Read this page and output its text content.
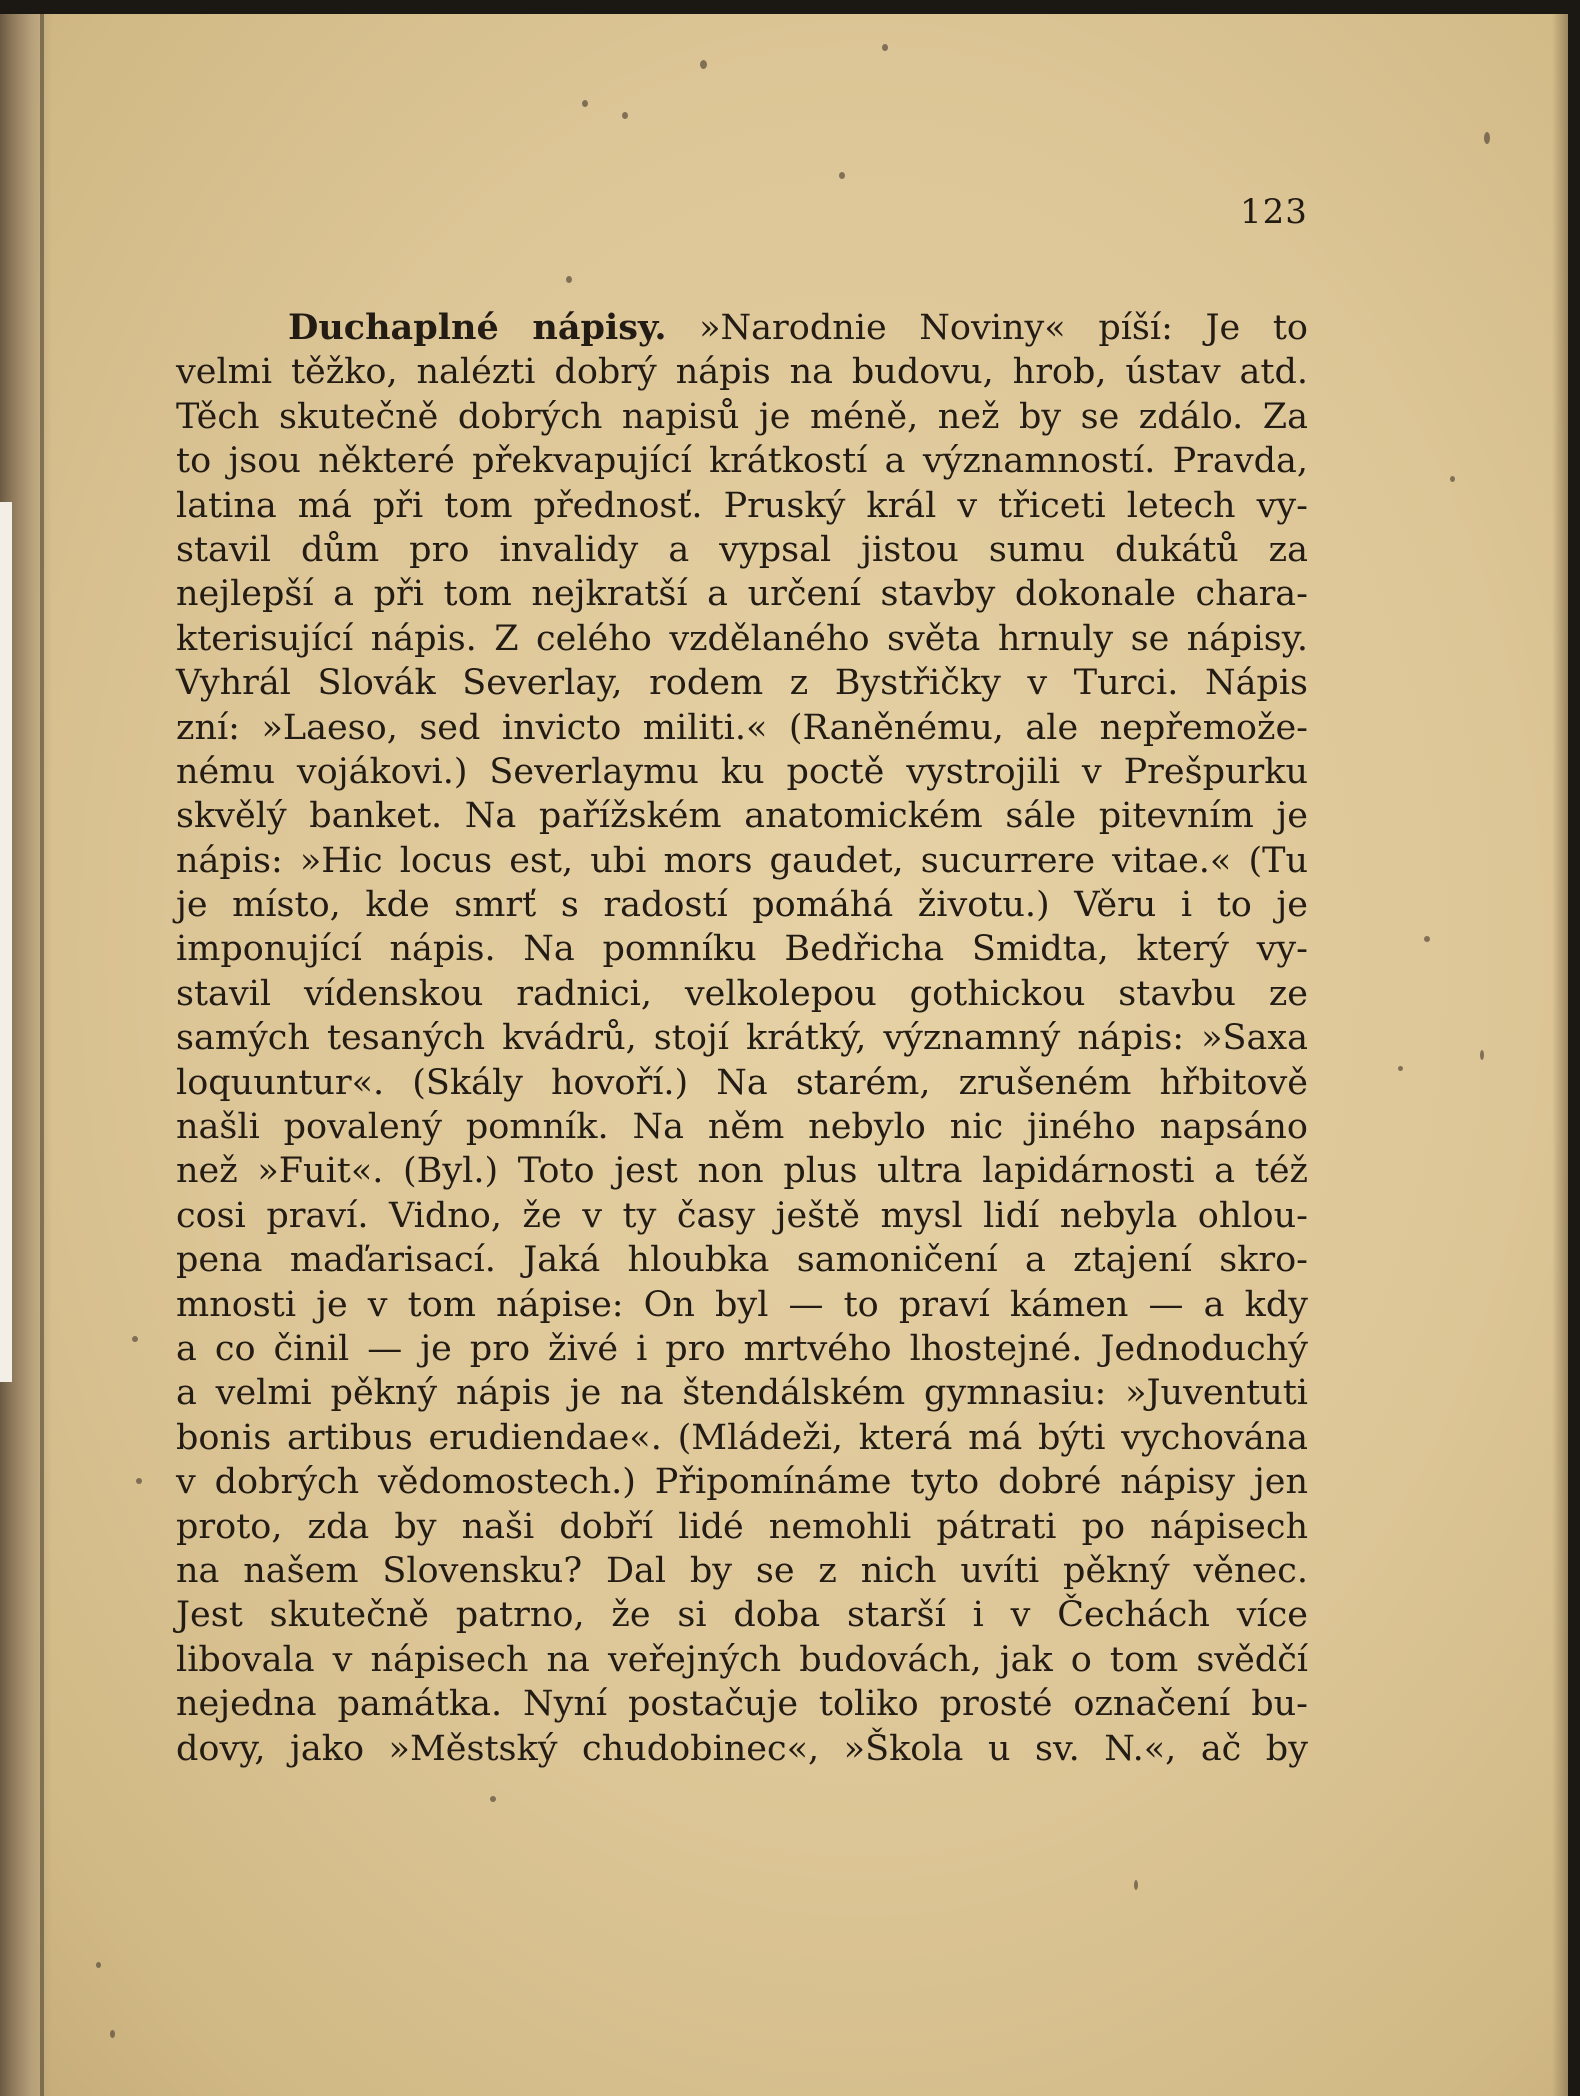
123
Duchaplné nápisy. »Narodnie Noviny« píší: Je to
velmi těžko, nalézti dobrý nápis na budovu, hrob, ústav atd.
Těch skutečně dobrých napisů je méně, než by se zdálo. Za
to jsou některé překvapující krátkostí a významností. Pravda,
latina má při tom přednosť. Pruský král v třiceti letech vy-
stavil dům pro invalidy a vypsal jistou sumu dukátů za
nejlepší a při tom nejkratší a určení stavby dokonale chara-
kterisující nápis. Z celého vzdělaného světa hrnuly se nápisy.
Vyhrál Slovák Severlay, rodem z Bystřičky v Turci. Nápis
zní: »Laeso, sed invicto militi.« (Raněnému, ale nepřemože-
nému vojákovi.) Severlaymu ku poctě vystrojili v Prešpurku
skvělý banket. Na pařížském anatomickém sále pitevním je
nápis: »Hic locus est, ubi mors gaudet, sucurrere vitae.« (Tu
je místo, kde smrť s radostí pomáhá životu.) Věru i to je
imponující nápis. Na pomníku Bedřicha Smidta, který vy-
stavil vídenskou radnici, velkolepou gothickou stavbu ze
samých tesaných kvádrů, stojí krátký, významný nápis: »Saxa
loquuntur«. (Skály hovoří.) Na starém, zrušeném hřbitově
našli povalený pomník. Na něm nebylo nic jiného napsáno
než »Fuit«. (Byl.) Toto jest non plus ultra lapidárnosti a též
cosi praví. Vidno, že v ty časy ještě mysl lidí nebyla ohlou-
pena maďarisací. Jaká hloubka samoničení a ztajení skro-
mnosti je v tom nápise: On byl — to praví kámen — a kdy
a co činil — je pro živé i pro mrtvého lhostejné. Jednoduchý
a velmi pěkný nápis je na štendálském gymnasiu: »Juventuti
bonis artibus erudiendae«. (Mládeži, která má býti vychována
v dobrých vědomostech.) Připomínáme tyto dobré nápisy jen
proto, zda by naši dobří lidé nemohli pátrati po nápisech
na našem Slovensku? Dal by se z nich uvíti pěkný věnec.
Jest skutečně patrno, že si doba starší i v Čechách více
libovala v nápisech na veřejných budovách, jak o tom svědčí
nejedna památka. Nyní postačuje toliko prosté označení bu-
dovy, jako »Městský chudobinec«, »Škola u sv. N.«, ač by
